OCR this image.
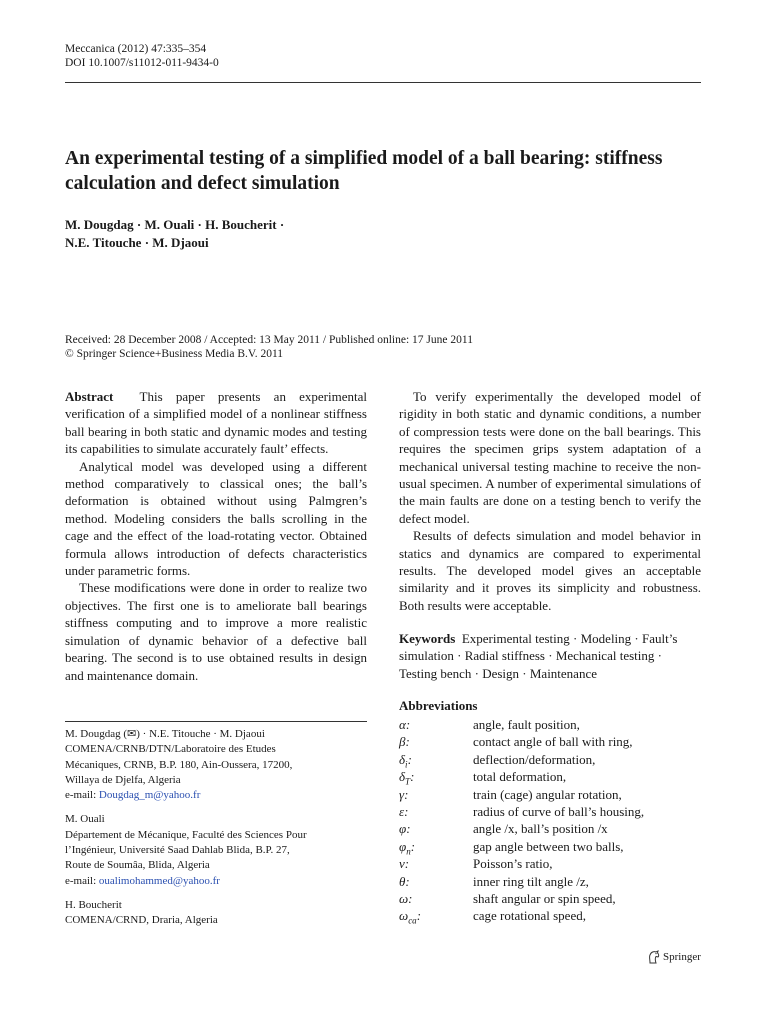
Meccanica (2012) 47:335–354
DOI 10.1007/s11012-011-9434-0
An experimental testing of a simplified model of a ball bearing: stiffness calculation and defect simulation
M. Dougdag · M. Ouali · H. Boucherit ·
N.E. Titouche · M. Djaoui
Received: 28 December 2008 / Accepted: 13 May 2011 / Published online: 17 June 2011
© Springer Science+Business Media B.V. 2011

Abstract This paper presents an experimental verification of a simplified model of a nonlinear stiffness ball bearing in both static and dynamic modes and testing its capabilities to simulate accurately fault’ effects.

Analytical model was developed using a different method comparatively to classical ones; the ball’s deformation is obtained without using Palmgren’s method. Modeling considers the balls scrolling in the cage and the effect of the load-rotating vector. Obtained formula allows introduction of defects characteristics under parametric forms.

These modifications were done in order to realize two objectives. The first one is to ameliorate ball bearings stiffness computing and to improve a more realistic simulation of dynamic behavior of a defective ball bearing. The second is to use obtained results in design and maintenance domain.

To verify experimentally the developed model of rigidity in both static and dynamic conditions, a number of compression tests were done on the ball bearings. This requires the specimen grips system adaptation of a mechanical universal testing machine to receive the non-usual specimen. A number of experimental simulations of the main faults are done on a testing bench to verify the defect model.

Results of defects simulation and model behavior in statics and dynamics are compared to experimental results. The developed model gives an acceptable similarity and it proves its simplicity and robustness. Both results were acceptable.

Keywords Experimental testing · Modeling · Fault’s simulation · Radial stiffness · Mechanical testing · Testing bench · Design · Maintenance
M. Dougdag (✉) · N.E. Titouche · M. Djaoui
COMENA/CRNB/DTN/Laboratoire des Etudes
Mécaniques, CRNB, B.P. 180, Ain-Oussera, 17200,
Willaya de Djelfa, Algeria
e-mail: Dougdag_m@yahoo.fr
M. Ouali
Département de Mécanique, Faculté des Sciences Pour
l’Ingénieur, Université Saad Dahlab Blida, B.P. 27,
Route de Soumâa, Blida, Algeria
e-mail: oualimohammed@yahoo.fr
H. Boucherit
COMENA/CRND, Draria, Algeria
Abbreviations
α:	angle, fault position,
β:	contact angle of ball with ring,
$\delta_i$:	deflection/deformation,
$\delta_T$:	total deformation,
γ:	train (cage) angular rotation,
ε:	radius of curve of ball’s housing,
φ:	angle /x, ball’s position /x
$\varphi_n$:	gap angle between two balls,
ν:	Poisson’s ratio,
θ:	inner ring tilt angle /z,
ω:	shaft angular or spin speed,
$\omega_{ca}$:	cage rotational speed,
Springer
